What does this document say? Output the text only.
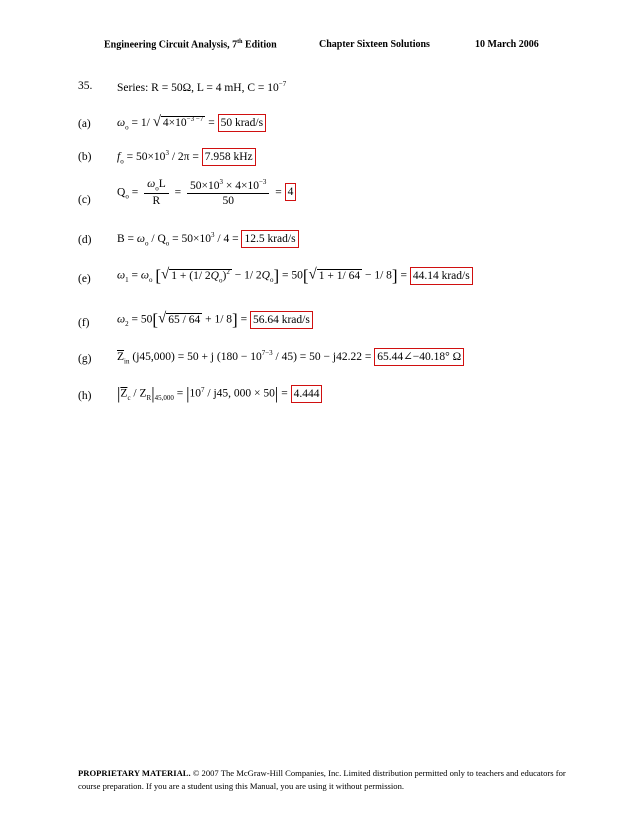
Engineering Circuit Analysis, 7th Edition	Chapter Sixteen Solutions	10 March 2006
35. Series: R = 50Ω, L = 4 mH, $C = 10^{-7}$
(a) $\omega_o = 1/$ √ $4\times 10^{-3 -7} = 50$ krad/s
(b) $f_o = 50\times 10^3 / 2\pi = 7.958$ kHz
(c)
$Q_o = \frac{\omega_oL}{R} = \frac{50\times 10^3 \times 4\times 10^{-3}}{50} = 4$
(d) $B = \omega_o / Q_o = 50\times 10^3 / 4 = 12.5$ krad/s
(e) $\omega_1 = \omega_o$ [√ 1 + (1/ $2Q_o)^2 - 1/$ $2Q_o] = 50[√$ 1 + 1/ 64 − 1/ 8] = 44.14 krad/s
(f) $\omega_2 = 50[√$ 65 / 64 + 1/ 8] = 56.64 krad/s
(g) $\overline{Z}_{in}$ (j45,000) = 50 + j $(180 - 10^{7-3} / 45) = 50 - j42.22$ = 65.44∠−40.18° Ω
(h) $|\overline{Z}_c / Z_R|_{45,000} = |10^7 / j45$, 000 × 50| = 4.444
PROPRIETARY MATERIAL. © 2007 The McGraw-Hill Companies, Inc. Limited distribution permitted only to teachers and educators for course preparation. If you are a student using this Manual, you are using it without permission.
